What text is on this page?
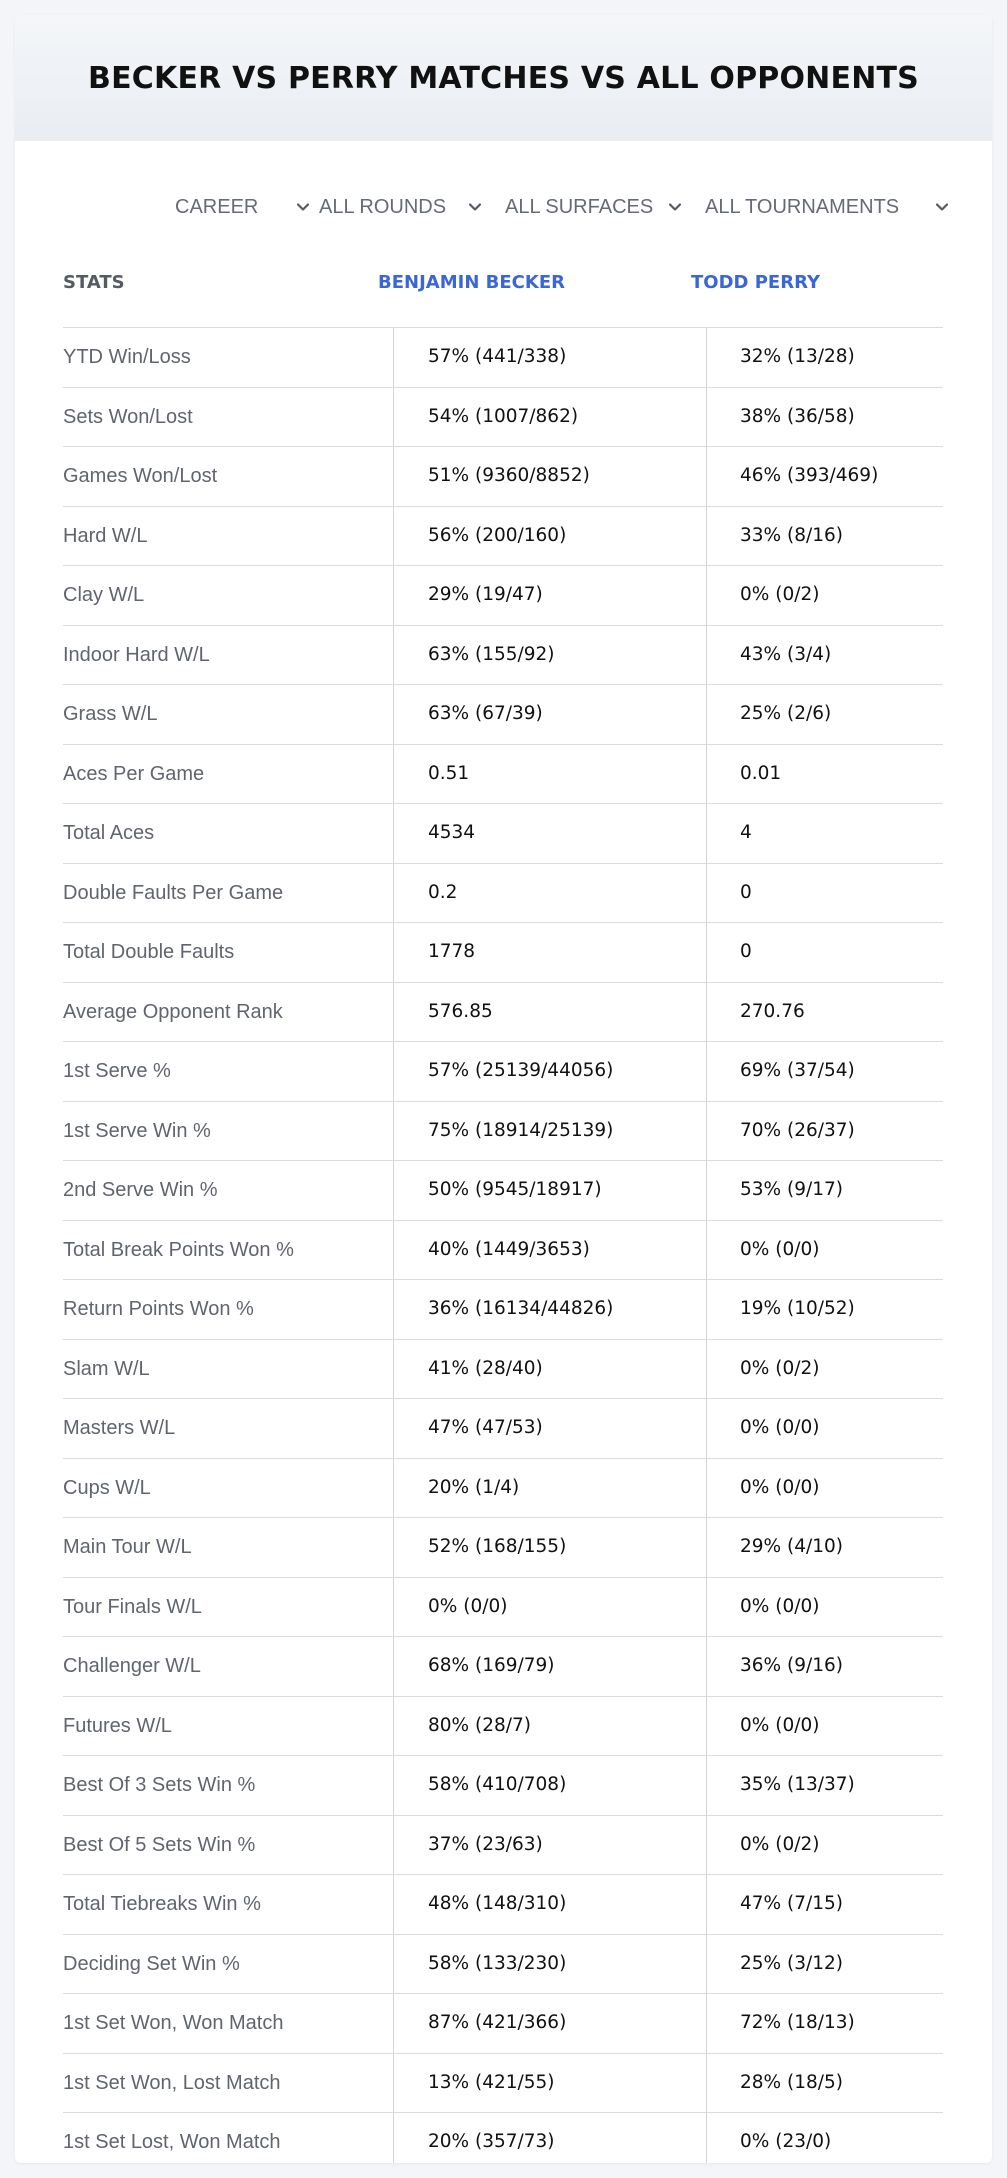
BECKER VS PERRY MATCHES VS ALL OPPONENTS
CAREER	ALL ROUNDS	ALL SURFACES	ALL TOURNAMENTS
STATS	BENJAMIN BECKER	TODD PERRY
YTD Win/Loss	57% (441/338)	32% (13/28)
Sets Won/Lost	54% (1007/862)	38% (36/58)
Games Won/Lost	51% (9360/8852)	46% (393/469)
Hard W/L	56% (200/160)	33% (8/16)
Clay W/L	29% (19/47)	0% (0/2)
Indoor Hard W/L	63% (155/92)	43% (3/4)
Grass W/L	63% (67/39)	25% (2/6)
Aces Per Game	0.51	0.01
Total Aces	4534	4
Double Faults Per Game	0.2	0
Total Double Faults	1778	0
Average Opponent Rank	576.85	270.76
1st Serve %	57% (25139/44056)	69% (37/54)
1st Serve Win %	75% (18914/25139)	70% (26/37)
2nd Serve Win %	50% (9545/18917)	53% (9/17)
Total Break Points Won %	40% (1449/3653)	0% (0/0)
Return Points Won %	36% (16134/44826)	19% (10/52)
Slam W/L	41% (28/40)	0% (0/2)
Masters W/L	47% (47/53)	0% (0/0)
Cups W/L	20% (1/4)	0% (0/0)
Main Tour W/L	52% (168/155)	29% (4/10)
Tour Finals W/L	0% (0/0)	0% (0/0)
Challenger W/L	68% (169/79)	36% (9/16)
Futures W/L	80% (28/7)	0% (0/0)
Best Of 3 Sets Win %	58% (410/708)	35% (13/37)
Best Of 5 Sets Win %	37% (23/63)	0% (0/2)
Total Tiebreaks Win %	48% (148/310)	47% (7/15)
Deciding Set Win %	58% (133/230)	25% (3/12)
1st Set Won, Won Match	87% (421/366)	72% (18/13)
1st Set Won, Lost Match	13% (421/55)	28% (18/5)
1st Set Lost, Won Match	20% (357/73)	0% (23/0)
